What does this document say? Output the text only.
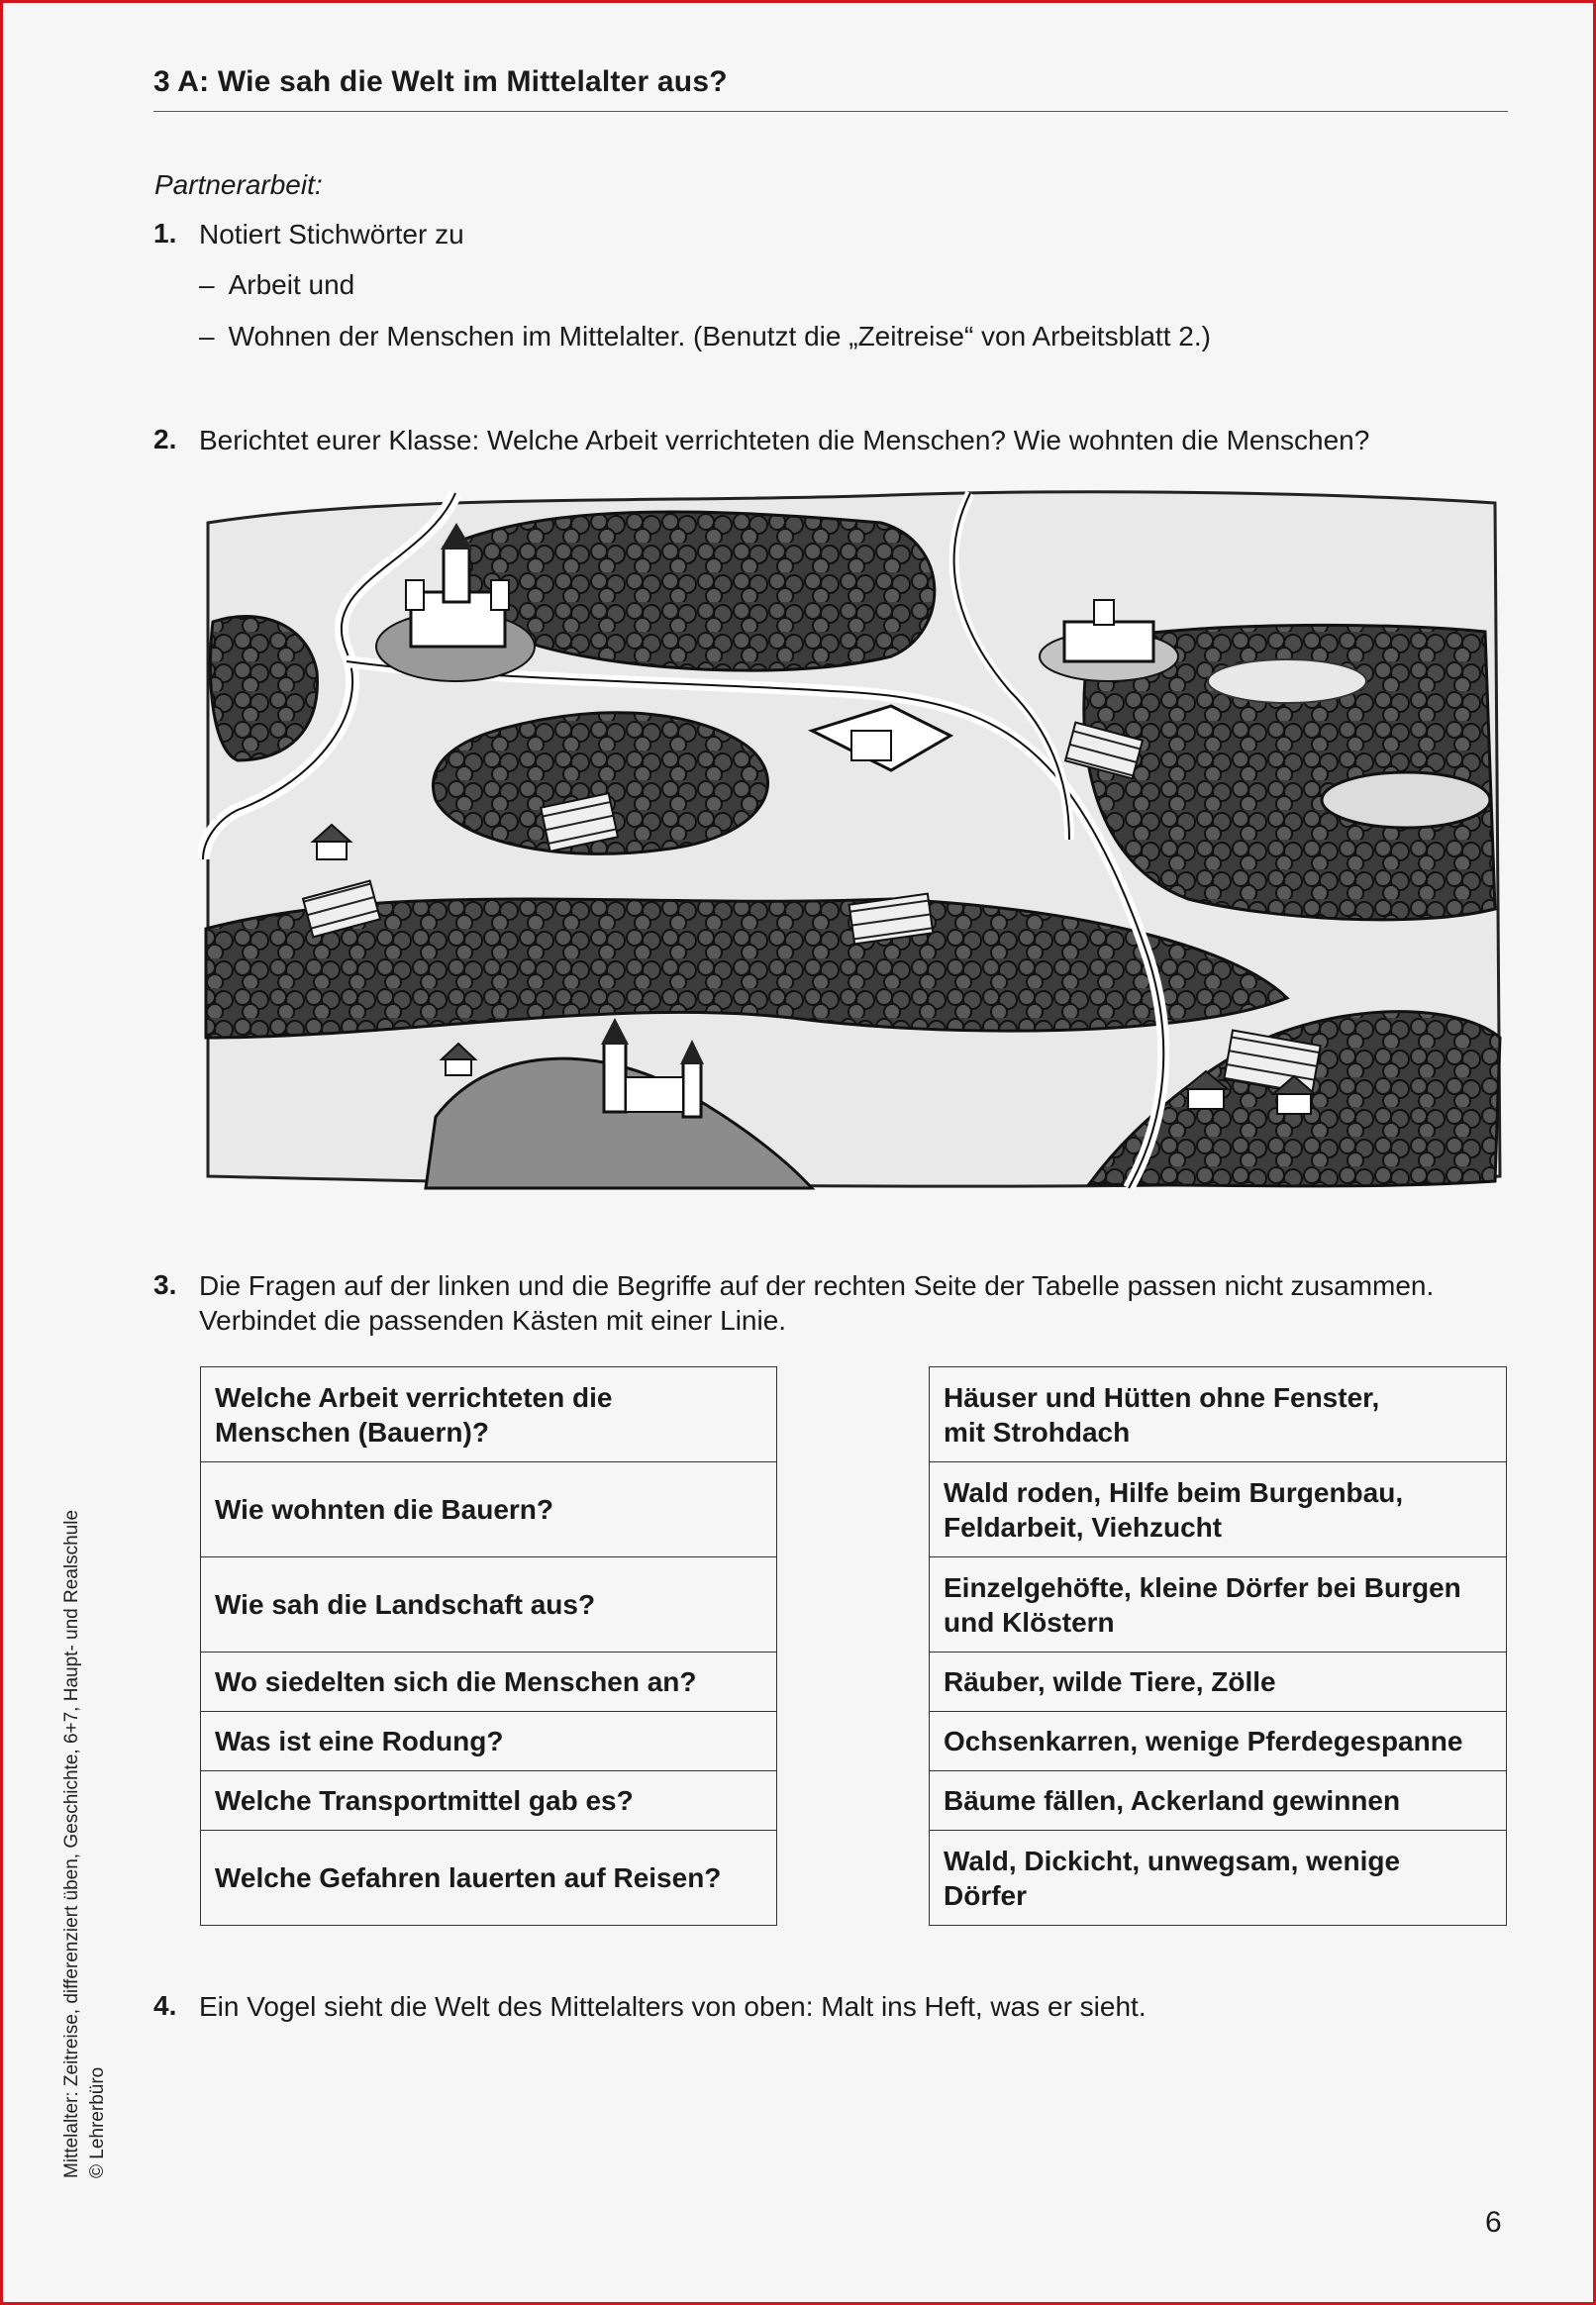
3 A: Wie sah die Welt im Mittelalter aus?
Partnerarbeit:
1. Notiert Stichwörter zu
– Arbeit und
– Wohnen der Menschen im Mittelalter. (Benutzt die „Zeitreise“ von Arbeitsblatt 2.)
2. Berichtet eurer Klasse: Welche Arbeit verrichteten die Menschen? Wie wohnten die Menschen?
3. Die Fragen auf der linken und die Begriffe auf der rechten Seite der Tabelle passen nicht zusammen.
Verbindet die passenden Kästen mit einer Linie.
Welche Arbeit verrichteten die
Menschen (Bauern)?

Wie wohnten die Bauern?

Wie sah die Landschaft aus?

Wo siedelten sich die Menschen an?

Was ist eine Rodung?

Welche Transportmittel gab es?

Welche Gefahren lauerten auf Reisen?
Häuser und Hütten ohne Fenster,
mit Strohdach

Wald roden, Hilfe beim Burgenbau,
Feldarbeit, Viehzucht

Einzelgehöfte, kleine Dörfer bei Burgen
und Klöstern

Räuber, wilde Tiere, Zölle

Ochsenkarren, wenige Pferdegespanne

Bäume fällen, Ackerland gewinnen

Wald, Dickicht, unwegsam, wenige
Dörfer
4. Ein Vogel sieht die Welt des Mittelalters von oben: Malt ins Heft, was er sieht.
Mittelalter: Zeitreise, differenziert üben, Geschichte, 6+7, Haupt- und Realschule © Lehrerbüro
6
